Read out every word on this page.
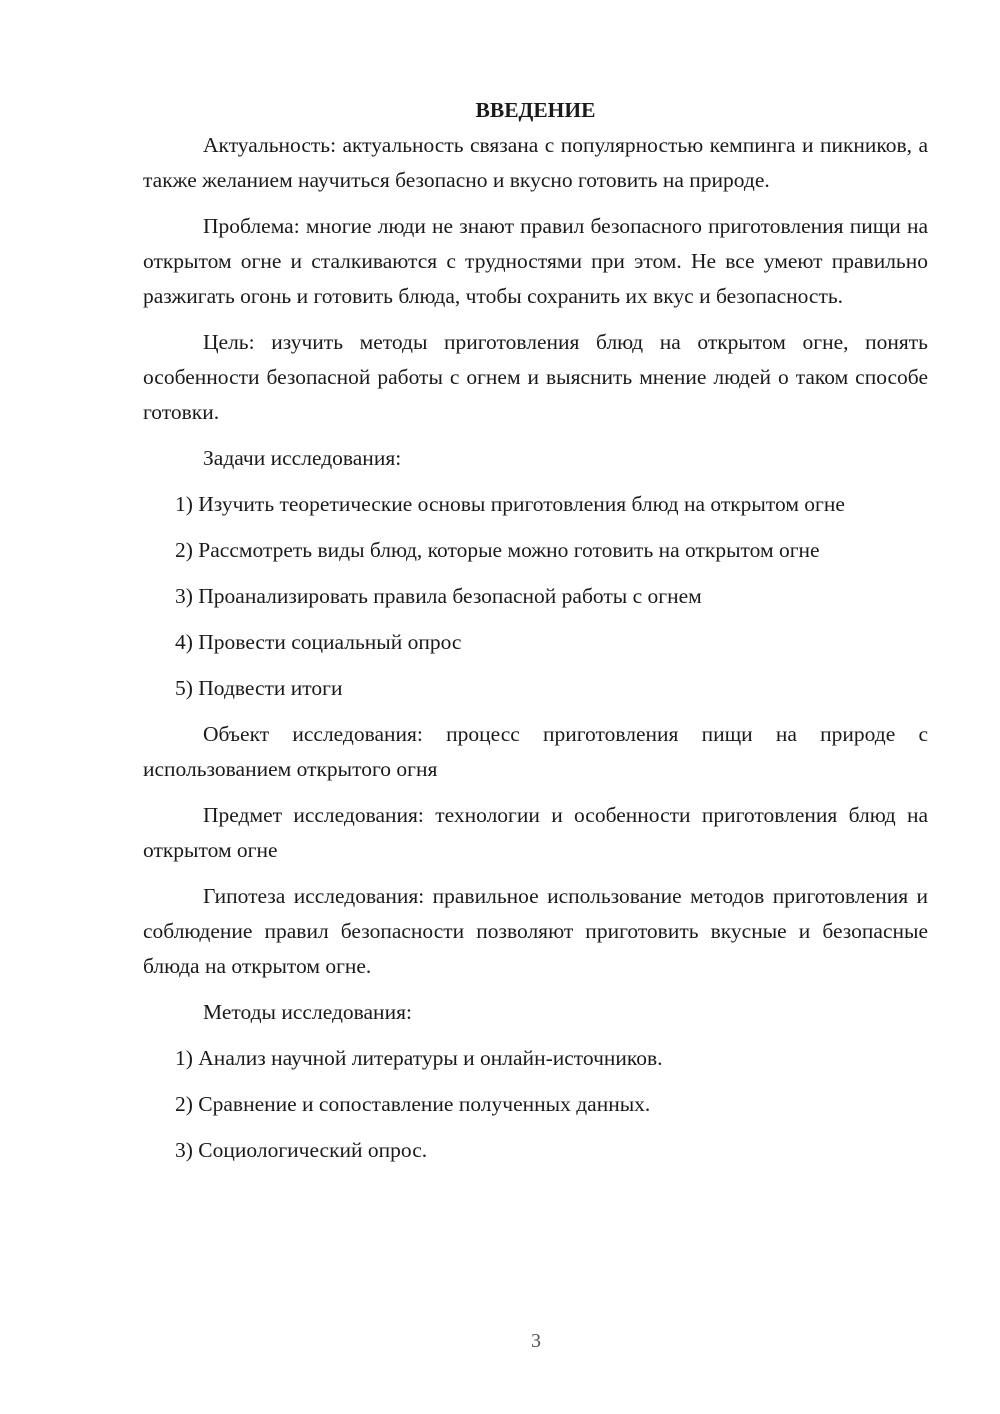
ВВЕДЕНИЕ

Актуальность: актуальность связана с популярностью кемпинга и пикников, а также желанием научиться безопасно и вкусно готовить на природе.

Проблема: многие люди не знают правил безопасного приготовления пищи на открытом огне и сталкиваются с трудностями при этом. Не все умеют правильно разжигать огонь и готовить блюда, чтобы сохранить их вкус и безопасность.

Цель: изучить методы приготовления блюд на открытом огне, понять особенности безопасной работы с огнем и выяснить мнение людей о таком способе готовки.

Задачи исследования:

1) Изучить теоретические основы приготовления блюд на открытом огне

2) Рассмотреть виды блюд, которые можно готовить на открытом огне

3) Проанализировать правила безопасной работы с огнем

4) Провести социальный опрос

5) Подвести итоги

Объект исследования: процесс приготовления пищи на природе с использованием открытого огня

Предмет исследования: технологии и особенности приготовления блюд на открытом огне

Гипотеза исследования: правильное использование методов приготовления и соблюдение правил безопасности позволяют приготовить вкусные и безопасные блюда на открытом огне.

Методы исследования:

1) Анализ научной литературы и онлайн-источников.

2) Сравнение и сопоставление полученных данных.

3) Социологический опрос.

3
